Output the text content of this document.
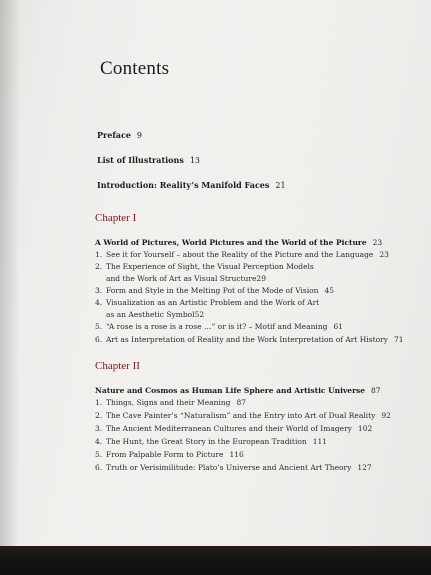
Contents
Preface 9
List of Illustrations 13
Introduction: Reality’s Manifold Faces 21
Chapter I
A World of Pictures, World Pictures and the World of the Picture 23
1. See it for Yourself – about the Reality of the Picture and the Language 23
2. The Experience of Sight, the Visual Perception Models
and the Work of Art as Visual Structure29
3. Form and Style in the Melting Pot of the Mode of Vision 45
4. Visualization as an Artistic Problem and the Work of Art
as an Aesthetic Symbol52
5. “A rose is a rose is a rose …” or is it? – Motif and Meaning 61
6. Art as Interpretation of Reality and the Work Interpretation of Art History 71
Chapter II
Nature and Cosmos as Human Life Sphere and Artistic Universe 87
1. Things, Signs and their Meaning 87
2. The Cave Painter’s “Naturalism” and the Entry into Art of Dual Reality 92
3. The Ancient Mediterranean Cultures and their World of Imagery 102
4. The Hunt, the Great Story in the European Tradition 111
5. From Palpable Form to Picture 116
6. Truth or Verisimilitude: Plato’s Universe and Ancient Art Theory 127
